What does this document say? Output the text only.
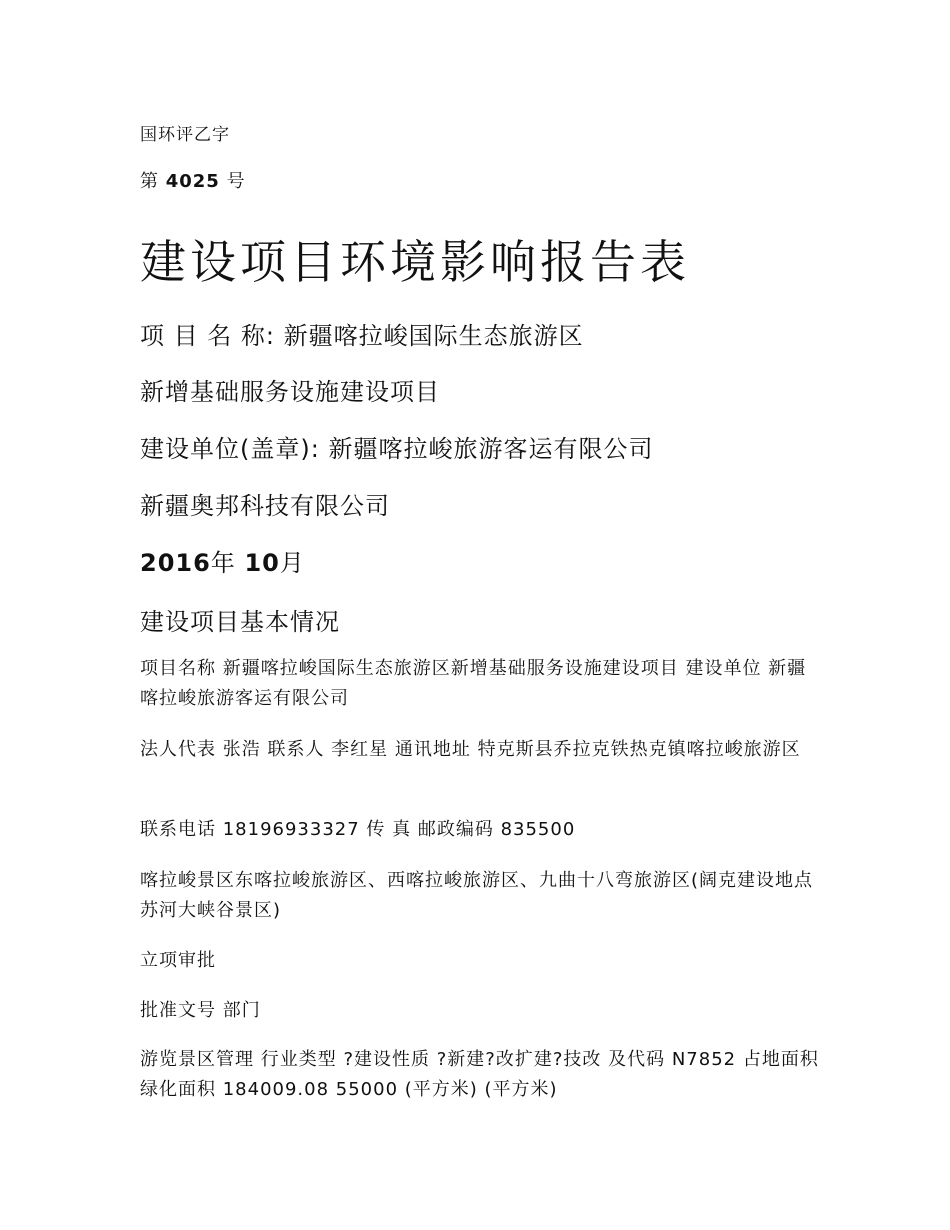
国环评乙字

第 4025 号

建设项目环境影响报告表

项 目 名 称: 新疆喀拉峻国际生态旅游区

新增基础服务设施建设项目

建设单位(盖章): 新疆喀拉峻旅游客运有限公司

新疆奥邦科技有限公司

2016年 10月

建设项目基本情况

项目名称 新疆喀拉峻国际生态旅游区新增基础服务设施建设项目 建设单位 新疆喀拉峻旅游客运有限公司

法人代表 张浩 联系人 李红星 通讯地址 特克斯县乔拉克铁热克镇喀拉峻旅游区

联系电话 18196933327 传 真 邮政编码 835500

喀拉峻景区东喀拉峻旅游区、西喀拉峻旅游区、九曲十八弯旅游区(阔克建设地点 苏河大峡谷景区)

立项审批

批准文号 部门

游览景区管理 行业类型 ?建设性质 ?新建?改扩建?技改 及代码 N7852 占地面积 绿化面积 184009.08 55000 (平方米) (平方米)
